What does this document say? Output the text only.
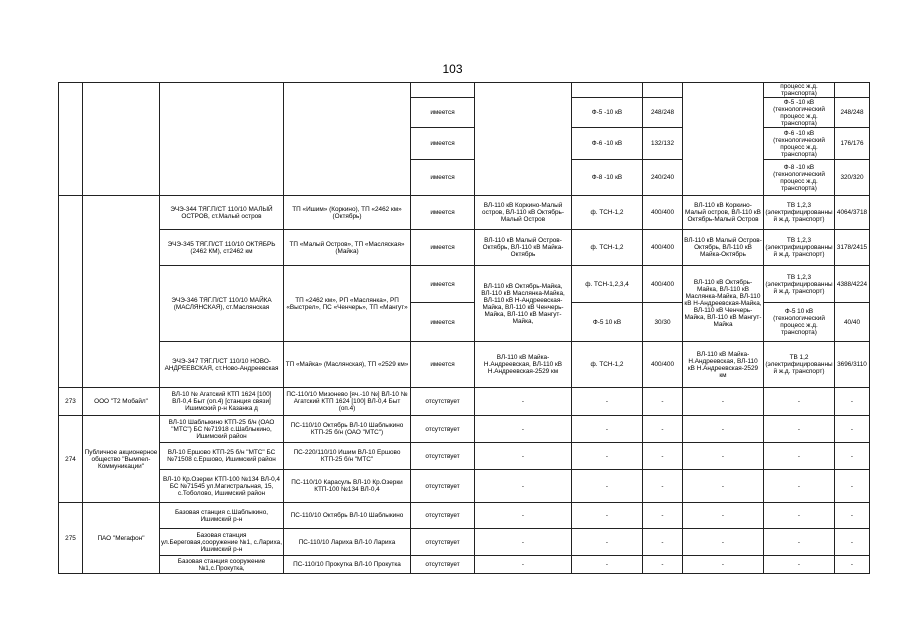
103
									процесс ж.д. транспорта)	
				имеется		Ф-5 -10 кВ	248/248		Ф-5 -10 кВ (технологический процесс ж.д. транспорта)	248/248
				имеется		Ф-6 -10 кВ	132/132		Ф-6 -10 кВ (технологический процесс ж.д. транспорта)	176/176
				имеется		Ф-8 -10 кВ	240/240		Ф-8 -10 кВ (технологический процесс ж.д. транспорта)	320/320
		ЭЧЭ-344 ТЯГ.П/СТ 110/10 МАЛЫЙ ОСТРОВ, ст.Малый остров	ТП «Ишим» (Коркино), ТП «2462 км» (Октябрь)	имеется	ВЛ-110 кВ Коркино-Малый остров, ВЛ-110 кВ Октябрь-Малый Остров	ф. ТСН-1,2	400/400	ВЛ-110 кВ Коркино-Малый остров, ВЛ-110 кВ Октябрь-Малый Остров	ТВ 1,2,3 (электрифицированный ж.д. транспорт)	4064/3718
		ЭЧЭ-345 ТЯГ.П/СТ 110/10 ОКТЯБРЬ (2462 КМ), ст2462 км	ТП «Малый Остров», ТП «Масляская» (Майка)	имеется	ВЛ-110 кВ Малый Остров-Октябрь, ВЛ-110 кВ Майка-Октябрь	ф. ТСН-1,2	400/400	ВЛ-110 кВ Малый Остров-Октябрь, ВЛ-110 кВ Майка-Октябрь	ТВ 1,2,3 (электрифицированный ж.д. транспорт)	3178/2415
		ЭЧЭ-346 ТЯГ.П/СТ 110/10 МАЙКА (МАСЛЯНСКАЯ), ст.Маслянская	ТП «2462 км», РП «Маслянка», РП «Выстрел», ПС «Ченчерь», ТП «Мангут»	имеется	ВЛ-110 кВ Октябрь-Майка, ВЛ-110 кВ Маслянка-Майка, ВЛ-110 кВ Н-Андреевская-Майка, ВЛ-110 кВ Ченчерь-Майка, ВЛ-110 кВ Мангут-Майка,	ф. ТСН-1,2,3,4	400/400	ВЛ-110 кВ Октябрь-Майка, ВЛ-110 кВ Маслянка-Майка, ВЛ-110 кВ Н-Андреевская-Майка, ВЛ-110 кВ Ченчерь-Майка, ВЛ-110 кВ Мангут-Майка	ТВ 1,2,3 (электрифицированный ж.д. транспорт)	4388/4224
				имеется		Ф-5 10 кВ	30/30		Ф-5 10 кВ (технологический процесс ж.д. транспорта)	40/40
		ЭЧЭ-347 ТЯГ.П/СТ 110/10 НОВО-АНДРЕЕВСКАЯ, ст.Ново-Андреевская	ТП «Майка» (Маслянская), ТП «2529 км»	имеется	ВЛ-110 кВ Майка-Н.Андреевская, ВЛ-110 кВ Н.Андреевская-2529 км	ф. ТСН-1,2	400/400	ВЛ-110 кВ Майка-Н.Андреевская, ВЛ-110 кВ Н.Андреевская-2529 км	ТВ 1,2 (электрифицированный ж.д. транспорт)	3696/3110
273	ООО "Т2 Мобайл"	ВЛ-10 № Агатский КТП 1624 [100] ВЛ-0,4 Быт (оп.4) [станция связи] Ишимский р-н Казанка д	ПС-110/10 Мизонево [яч.-10 №] ВЛ-10 № Агатский КТП 1624 [100] ВЛ-0,4 Быт (оп.4)	отсутствует	-	-	-	-	-	-
274	Публичное акционерное общество "Вымпел-Коммуникации"	ВЛ-10 Шаблыкино КТП-25 б/н (ОАО "МТС") БС №71918 с.Шаблыкино, Ишимский район	ПС-110/10 Октябрь ВЛ-10 Шаблыкино КТП-25 б/н (ОАО "МТС")	отсутствует	-	-	-	-	-	-
		ВЛ-10 Ершово КТП-25 б/н "МТС" БС №71508 с.Ершово, Ишимский район	ПС-220/110/10 Ишим ВЛ-10 Ершово КТП-25 б/н "МТС"	отсутствует	-	-	-	-	-	-
		ВЛ-10 Кр.Озерки КТП-100 №134 ВЛ-0,4 БС №71545 ул.Магистральная, 15, с.Тоболово, Ишимский район	ПС-110/10 Карасуль ВЛ-10 Кр.Озерки КТП-100 №134 ВЛ-0,4	отсутствует	-	-	-	-	-	-
275	ПАО "Мегафон"	Базовая станция с.Шаблыкино, Ишимский р-н	ПС-110/10 Октябрь ВЛ-10 Шаблыкино	отсутствует	-	-	-	-	-	-
		Базовая станция ул.Береговая,сооружение №1, с.Ларихa, Ишимский р-н	ПС-110/10 Ларихa ВЛ-10 Ларихa	отсутствует	-	-	-	-	-	-
		Базовая станция сооружение №1,с.Прокутка,	ПС-110/10 Прокутка ВЛ-10 Прокутка	отсутствует	-	-	-	-	-	-
